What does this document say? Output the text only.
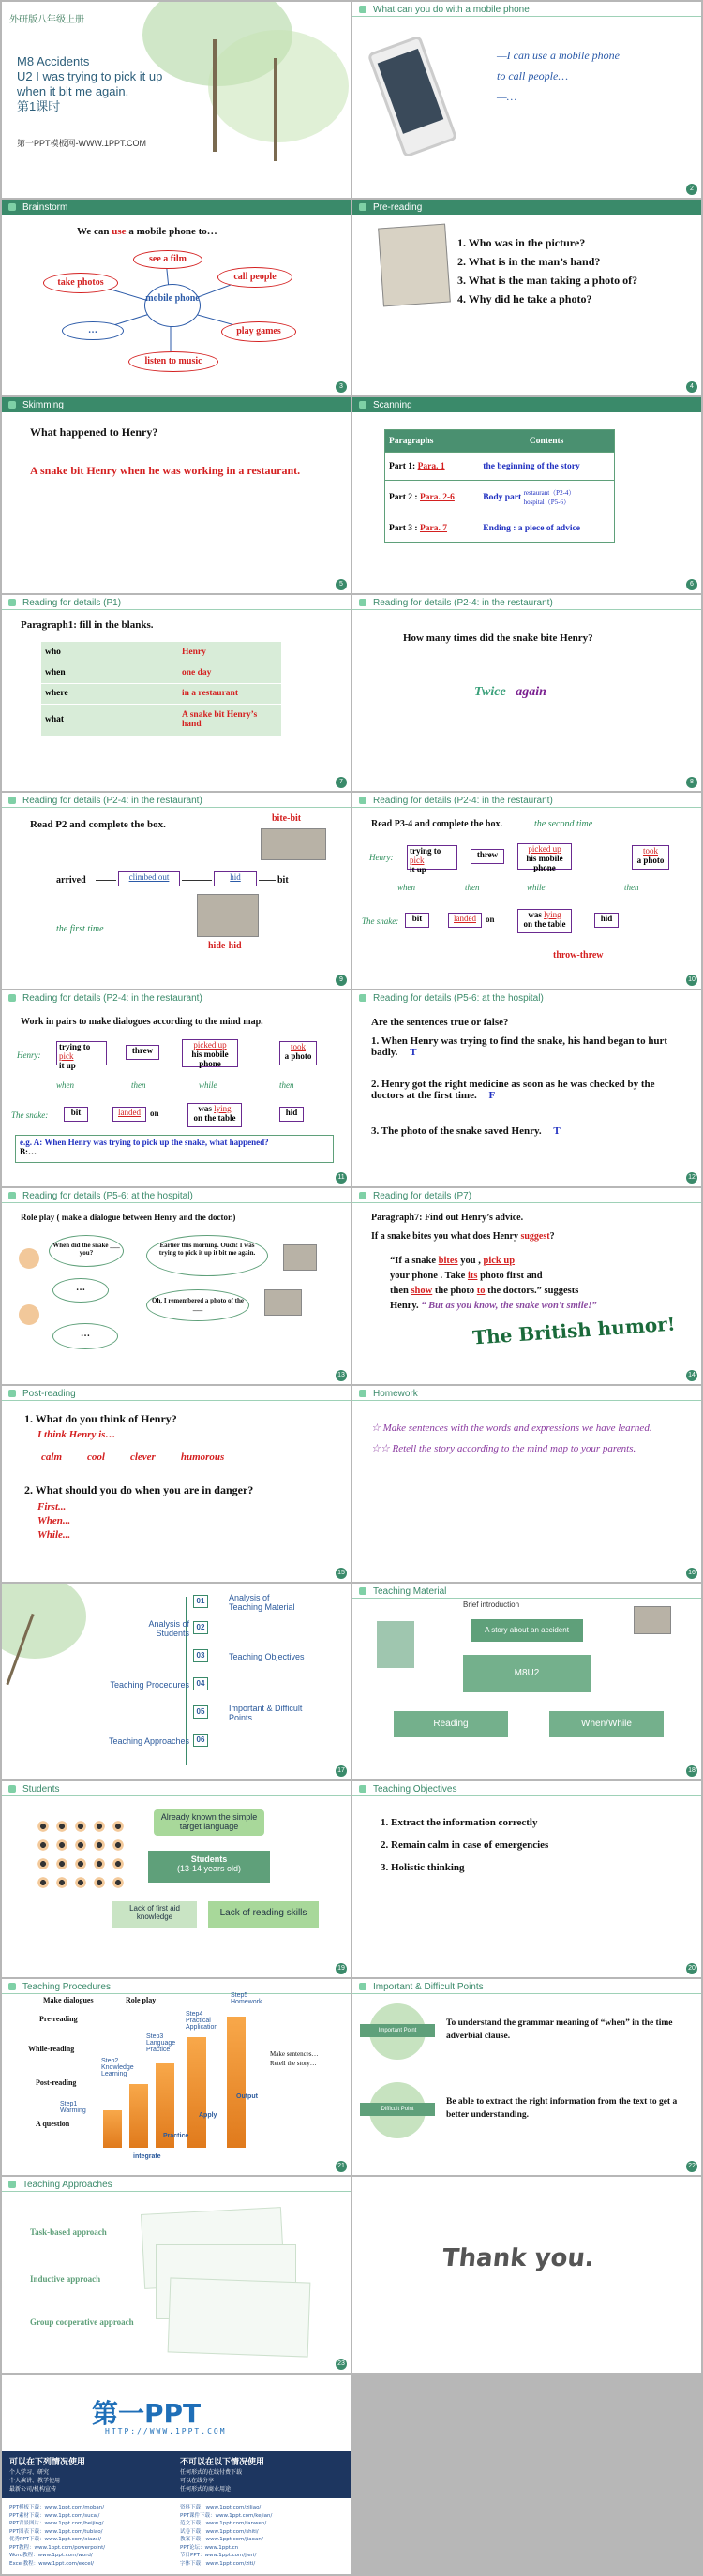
外研版八年级上册
M8 Accidents
U2 I was trying to pick it up
when it bit me again.
第1课时
第一PPT模板网-WWW.1PPT.COM
What can you do with a mobile phone
—I can use a mobile phone
to call people…
—…
2
Brainstorm
We can use a mobile phone to…
mobile phone
see a film
call people
take photos
…	play games
listen to music
3
Pre-reading
1. Who was in the picture?
2. What is in the man’s hand?
3. What is the man taking a photo of?
4. Why did he take a photo?
4
Skimming
What happened to Henry?
A snake bit Henry when he was working in a restaurant.
5
Scanning
Paragraphs	Contents
Part 1: Para. 1	the beginning of the story
Part 2 : Para. 2-6	Body part restaurant（P2-4）
hospital（P5-6）
Part 3 : Para. 7	Ending : a piece of advice
6
Reading for details (P1)
Paragraph1: fill in the blanks.
who	Henry
when	one day
where	in a restaurant
what	A snake bit Henry’s hand
7
Reading for details (P2-4: in the restaurant)
How many times did the snake bite Henry?
Twice again
8
Reading for details (P2-4: in the restaurant)
Read P2 and complete the box.
bite-bit
arrived	climbed out	hid	bit
the first time
hide-hid
9
Reading for details (P2-4: in the restaurant)
Read P3-4 and complete the box.	the second time
Henry:
trying to pick
it up
threw
picked up
his mobile phone
took
a photo
when	then	while	then
The snake:	bit	landed	on	was lying
on the table
hid
throw-threw
10
Reading for details (P2-4: in the restaurant)
Work in pairs to make dialogues according to the mind map.
Henry:
trying to pick
it up
threw
picked up
his mobile phone
took
a photo
when	then	while	then
The snake:	bit	landed	on	was lying
on the table
hid
e.g. A: When Henry was trying to pick up the snake, what happened?
B:…
11
Reading for details (P5-6: at the hospital)
Are the sentences true or false?
1. When Henry was trying to find the snake, his hand began to hurt badly. T
2. Henry got the right medicine as soon as he was checked by the doctors at the first time. F
3. The photo of the snake saved Henry. T
12
Reading for details (P5-6: at the hospital)
Role play ( make a dialogue between Henry and the doctor.)
When did the snake ___ you?
Earlier this morning. Ouch! I was trying to pick it up it bit me again.
…
Oh, I remembered a photo of the ___
…
13
Reading for details (P7)
Paragraph7: Find out Henry’s advice.
If a snake bites you what does Henry suggest?
“If a snake bites you , pick up
your phone . Take its photo first and
then show the photo to the doctors.” suggests
Henry. “ But as you know, the snake won’t smile!”
The British humor!
14
Post-reading
1. What do you think of Henry?
I think Henry is…
calm cool clever humorous
2. What should you do when you are in danger?
First...
When...
While...
15
Homework
☆ Make sentences with the words and expressions we have learned.
☆☆ Retell the story according to the mind map to your parents.
16
01	Analysis of Teaching Material
02
Analysis of Students
03	Teaching Objectives
04
Teaching Procedures
05	Important & Difficult Points
06
Teaching Approaches
17
Teaching Material
Brief introduction
A story about an accident
M8U2
Reading	When/While
18
Students
Already known the simple target language
Students
(13-14 years old)
Lack of first aid knowledge	Lack of reading skills
19
Teaching Objectives
1. Extract the information correctly
2. Remain calm in case of emergencies
3. Holistic thinking
20
Teaching Procedures
Make dialogues
Pre-reading
While-reading
Post-reading
A question
Role play
Step1 Warming
Step2 Knowledge Learning
Step3 Language Practice
Step4 Practical Application
Step5 Homework
integrate
Practice
Apply
Output
Make sentences…
Retell the story…
21
Important & Difficult Points
Important Point
To understand the grammar meaning of “when” in the time adverbial clause.
Difficult Point
Be able to extract the right information from the text to get a better understanding.
22
Teaching Approaches
Task-based approach
Inductive approach
Group cooperative approach
23
Thank you.
第一PPT
HTTP://WWW.1PPT.COM
可以在下列情况使用
个人学习、研究
个人演讲、教学使用
最新公司/机构宣传
不可以在以下情况使用
任何形式的在线付费下载
可以在线分享
任何形式的商业用途
PPT模板下载：www.1ppt.com/moban/
PPT素材下载：www.1ppt.com/sucai/
PPT背景图片：www.1ppt.com/beijing/
PPT图表下载：www.1ppt.com/tubiao/
优秀PPT下载：www.1ppt.com/xiazai/
PPT教程：www.1ppt.com/powerpoint/
Word教程：www.1ppt.com/word/
Excel教程：www.1ppt.com/excel/
资料下载：www.1ppt.com/ziliao/
PPT课件下载：www.1ppt.com/kejian/
范文下载：www.1ppt.com/fanwen/
试卷下载：www.1ppt.com/shiti/
教案下载：www.1ppt.com/jiaoan/
PPT论坛：www.1ppt.cn
节日PPT：www.1ppt.com/jieri/
字体下载：www.1ppt.com/ziti/
